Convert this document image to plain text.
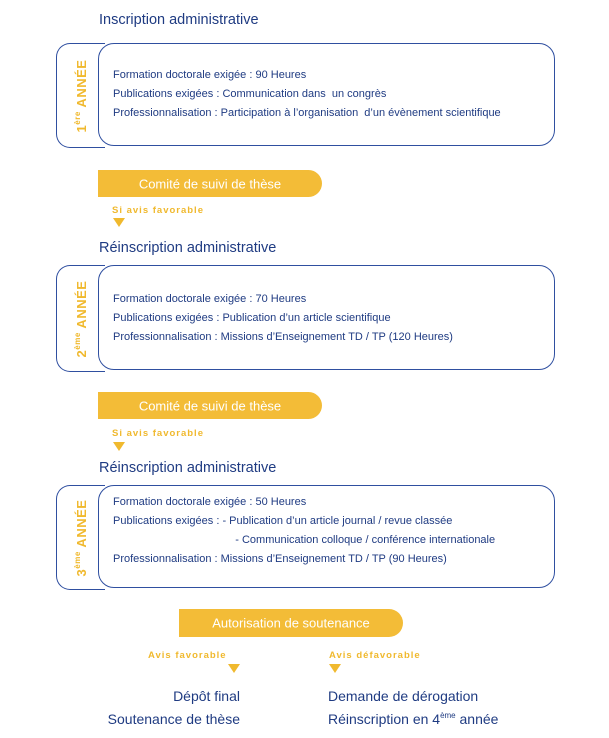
Inscription administrative
1ère ANNÉE Formation doctorale exigée : 90 Heures
Publications exigées : Communication dans  un congrès
Professionnalisation : Participation à l’organisation  d’un évènement scientifique
Comité de suivi de thèse
Si avis favorable
Réinscription administrative
2ème ANNÉE Formation doctorale exigée : 70 Heures
Publications exigées : Publication d’un article scientifique
Professionnalisation : Missions d’Enseignement TD / TP (120 Heures)
Comité de suivi de thèse
Si avis favorable
Réinscription administrative
3ème ANNÉE Formation doctorale exigée : 50 Heures
Publications exigées : - Publication d’un article journal / revue classée
- Communication colloque / conférence internationale
Professionnalisation : Missions d’Enseignement TD / TP (90 Heures)
Autorisation de soutenance
Avis favorable	Avis défavorable
Dépôt final
Soutenance de thèse
Demande de dérogation
Réinscription en 4ème année
